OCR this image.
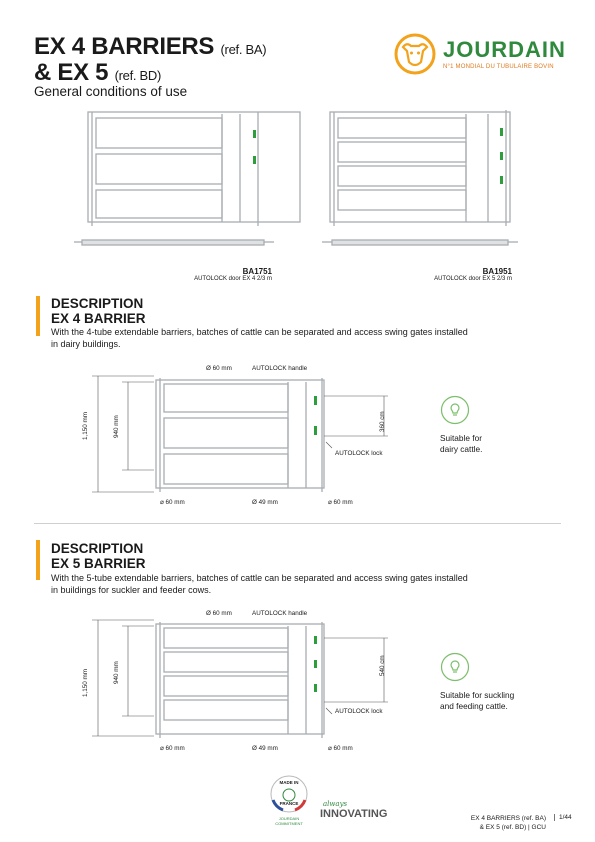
EX 4 BARRIERS (ref. BA)
& EX 5 (ref. BD)
General conditions of use
JOURDAIN
N°1 MONDIAL DU TUBULAIRE BOVIN
BA1751
AUTOLOCK door EX 4 2/3 m
BA1951
AUTOLOCK door EX 5 2/3 m
DESCRIPTION
EX 4 BARRIER
With the 4-tube extendable barriers, batches of cattle can be separated and access swing gates installed
in dairy buildings.
Ø 60 mm	AUTOLOCK handle
AUTOLOCK lock
1,150 mm	940 mm	360 cm
⌀ 60 mm	Ø 49 mm	⌀ 60 mm
Suitable for
dairy cattle.
DESCRIPTION
EX 5 BARRIER
With the 5-tube extendable barriers, batches of cattle can be separated and access swing gates installed
in buildings for suckler and feeder cows.
Ø 60 mm	AUTOLOCK handle
AUTOLOCK lock
1,150 mm	940 mm	540 cm
⌀ 60 mm	Ø 49 mm	⌀ 60 mm
Suitable for suckling
and feeding cattle.
MADE IN
FRANCE
JOURDAIN
COMMITMENT
always
INNOVATING	EX 4 BARRIERS (ref. BA)
& EX 5 (ref. BD) | GCU
1/44
